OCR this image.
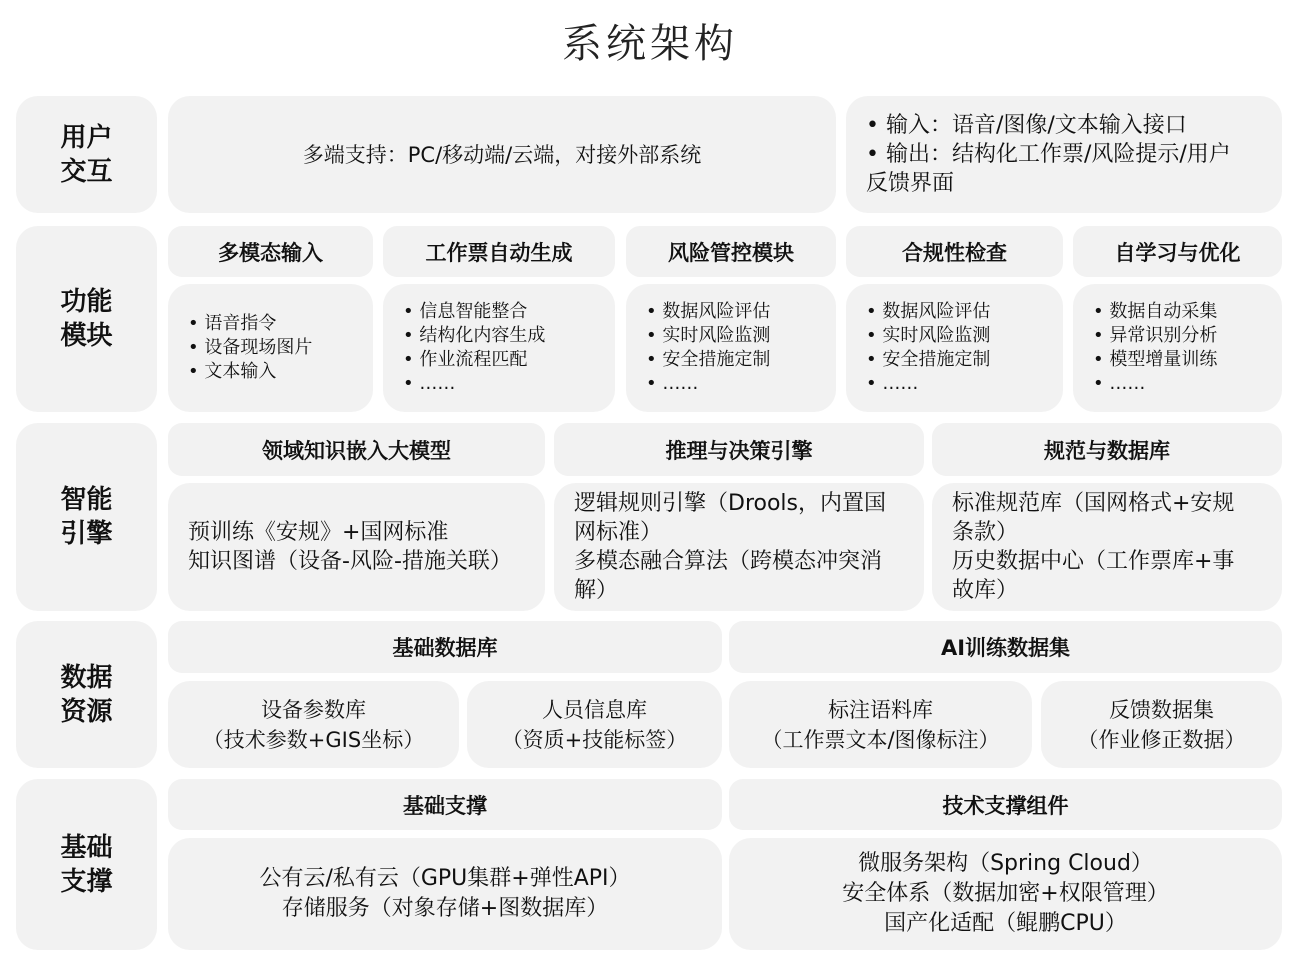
系统架构
用户
交互
多端支持：PC/移动端/云端，对接外部系统
• 输入：语音/图像/文本输入接口
• 输出：结构化工作票/风险提示/用户反馈界面
功能
模块
多模态输入	工作票自动生成	风险管控模块	合规性检查	自学习与优化
• 语音指令
• 设备现场图片
• 文本输入
• 信息智能整合
• 结构化内容生成
• 作业流程匹配
• ……
• 数据风险评估
• 实时风险监测
• 安全措施定制
• ……
• 数据风险评估
• 实时风险监测
• 安全措施定制
• ……
• 数据自动采集
• 异常识别分析
• 模型增量训练
• ……
智能
引擎
领域知识嵌入大模型	推理与决策引擎	规范与数据库
预训练《安规》+国网标准
知识图谱（设备-风险-措施关联）
逻辑规则引擎（Drools，内置国网标准）
多模态融合算法（跨模态冲突消解）
标准规范库（国网格式+安规条款）
历史数据中心（工作票库+事故库）
数据
资源
基础数据库	AI训练数据集
设备参数库
（技术参数+GIS坐标）
人员信息库
（资质+技能标签）
标注语料库
（工作票文本/图像标注）
反馈数据集
（作业修正数据）
基础
支撑
基础支撑	技术支撑组件
公有云/私有云（GPU集群+弹性API）
存储服务（对象存储+图数据库）
微服务架构（Spring Cloud）
安全体系（数据加密+权限管理）
国产化适配（鲲鹏CPU）
